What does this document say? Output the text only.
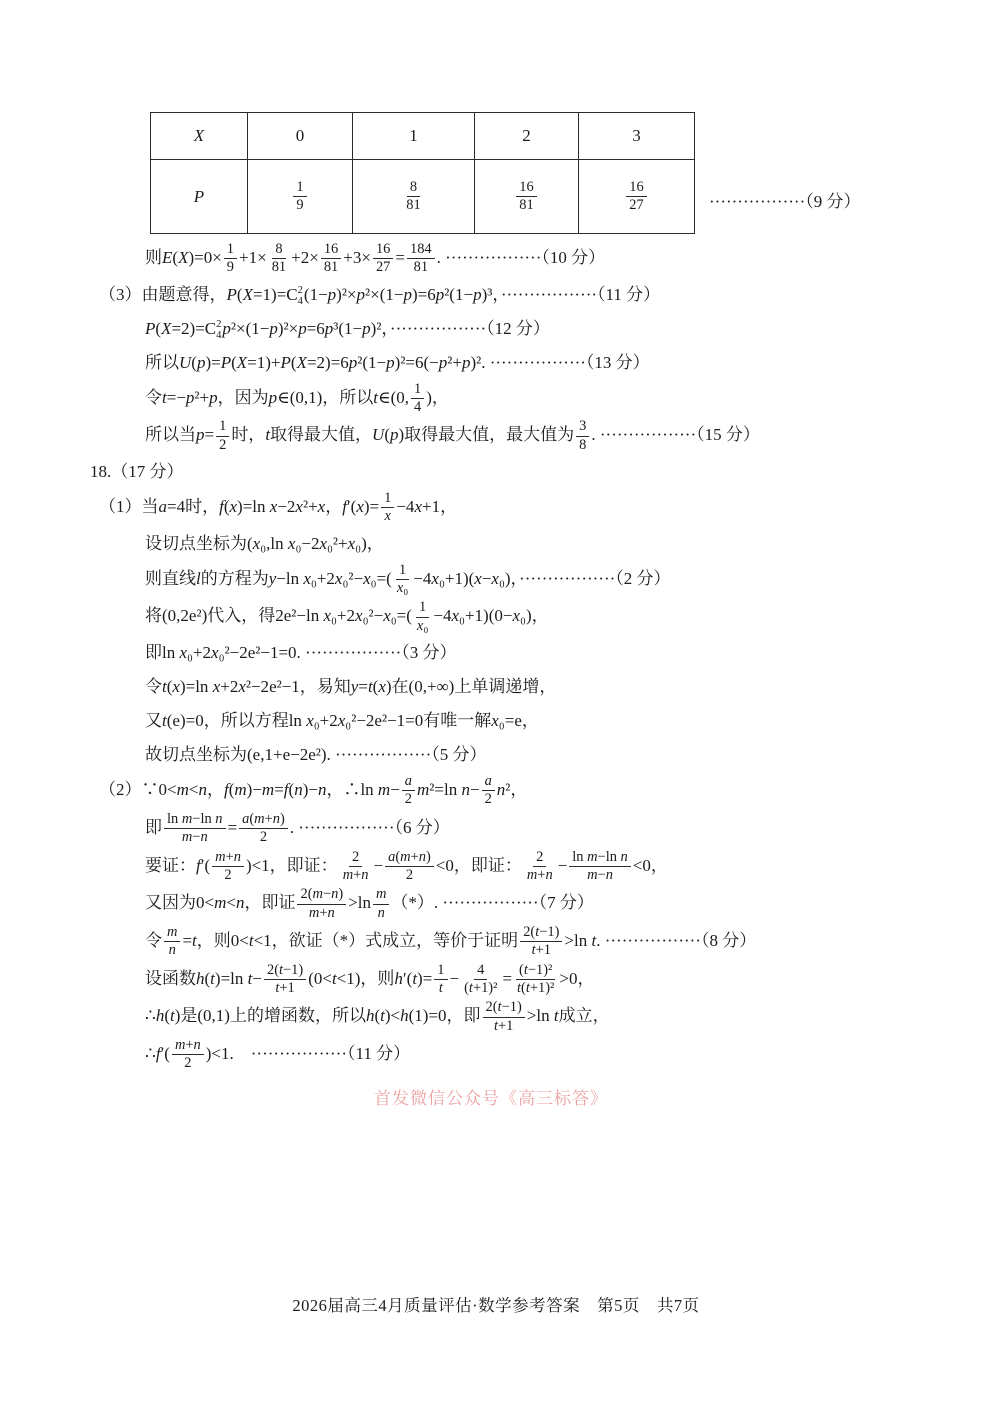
X	0	1	2	3
P	$\frac{1}{9}$	$\frac{8}{81}$	$\frac{16}{81}$	$\frac{16}{27}$	·················（9 分）
则$E(X)=0\times \frac{1}{9} +1\times \frac{8}{81} +2\times \frac{16}{81} +3\times \frac{16}{27} = \frac{184}{81}$ . ·················（10 分）
（3）由题意得，P(X=1)=C 2
4 (1−p)²×p²×(1−p)=6p²(1−p)³，·················（11 分）
P(X=2)=C 2
4 p²×(1−p)²×p=6p³(1−p)²，·················（12 分）
所以U(p)=P(X=1)+P(X=2)=6p²(1−p)²=6(−p²+p)². ·················（13 分）
令t=−p²+p，因为p∈(0,1)，所以t∈(0, $\frac{1}{4}$ )，
所以当$p= \frac{1}{2}$ 时，t取得最大值，U(p)取得最大值，最大值为 $\frac{3}{8}$ . ·················（15 分）
18.（17 分）
（1）当a=4时，f(x)=ln x−2x²+x，$f'(x)= \frac{1}{x} -4x+1$，
设切点坐标为(x₀,ln x₀−2x₀²+x₀)，
则直线l的方程为y−ln $x_0+2x_0^2-x_0=( \frac{1}{\text{x₀}} -4x_0+1)(x-x_0)$，·················（2 分）
将(0,2e²)代入，得2e²−ln $x_0+2x_0^2-x_0=( \frac{1}{\text{x₀}} -4x_0+1)(0-x_0)$，
即ln x₀+2x₀²−2e²−1=0. ·················（3 分）
令t(x)=ln x+2x²−2e²−1，易知y=t(x)在(0,+∞)上单调递增，
又t(e)=0，所以方程ln x₀+2x₀²−2e²−1=0有唯一解x₀=e，
故切点坐标为(e,1+e−2e²). ·················（5 分）
（2）∵0<m<n，f(m)−m=f(n)−n，∴ln $m- \frac{a}{2} m^2=\ln$ $n- \frac{a}{2} n^2$，
即 $\frac{\text{ln m−ln n}}{m-n} = \frac{a(m+n)}{2}$ . ·················（6 分）
要证：$f'( \frac{m+n}{2} )<1$，即证： $\frac{2}{m+n} - \frac{a(m+n)}{2} <0$，即证： $\frac{2}{m+n} - \frac{\text{ln m−ln n}}{m-n} <0$，
又因为0<m<n，即证 $\frac{2(m-n)}{m+n} >\ln \frac{m}{n}$ （*）. ·················（7 分）
令 $\frac{m}{n} =t$，则0<t<1，欲证（*）式成立，等价于证明 $\frac{2(t-1)}{t+1} >\ln$ t. ·················（8 分）
设函数h(t)=ln $t- \frac{2(t-1)}{t+1} (0<t<1)$，则$h'(t)= \frac{1}{t} - \frac{4}{\text{(t+1)²}} = \frac{\text{(t−1)²}}{\text{t(t+1)²}} >0$，
∴h(t)是(0,1)上的增函数，所以h(t)<h(1)=0，即 $\frac{2(t-1)}{t+1} >\ln$ t成立，
∴f′( $\frac{m+n}{2} )<1$.　·················（11 分）
首发微信公众号《高三标答》
2026届高三4月质量评估·数学参考答案　第5页　共7页
